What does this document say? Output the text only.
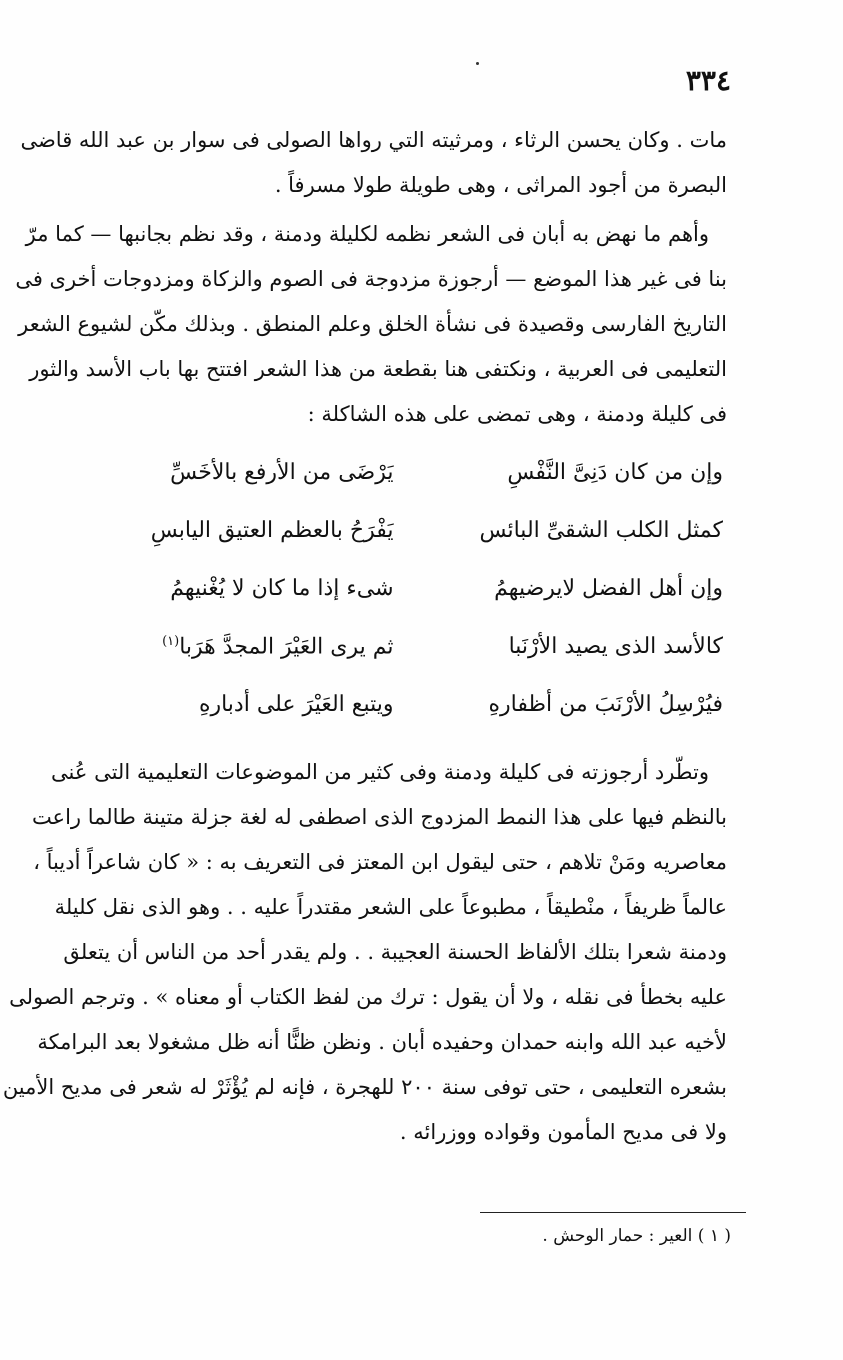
٣٣٤
مات . وكان يحسن الرثاء ، ومرثيته التي رواها الصولى فى سوار بن عبد الله قاضى
البصرة من أجود المراثى ، وهى طويلة طولا مسرفاً .
وأهم ما نهض به أبان فى الشعر نظمه لكليلة ودمنة ، وقد نظم بجانبها — كما مرّ
بنا فى غير هذا الموضع — أرجوزة مزدوجة فى الصوم والزكاة ومزدوجات أخرى فى
التاريخ الفارسى وقصيدة فى نشأة الخلق وعلم المنطق . وبذلك مكّن لشيوع الشعر
التعليمى فى العربية ، ونكتفى هنا بقطعة من هذا الشعر افتتح بها باب الأسد والثور
فى كليلة ودمنة ، وهى تمضى على هذه الشاكلة :
وإن من كان دَنِىَّ النَّفْسِ
يَرْضَى من الأرفع بالأخَسِّ
كمثل الكلب الشقىِّ البائس
يَفْرَحُ بالعظم العتيق اليابسِ
وإن أهل الفضل لايرضيهمُ
شىء إذا ما كان لا يُغْنيهمُ
كالأسد الذى يصيد الأرْنَبا
ثم يرى العَيْرَ المجدَّ هَرَبا$^{(١)}$
فيُرْسِلُ الأرْنَبَ من أظفارهِ
ويتبع العَيْرَ على أدبارهِ
وتطّرد أرجوزته فى كليلة ودمنة وفى كثير من الموضوعات التعليمية التى عُنى
بالنظم فيها على هذا النمط المزدوج الذى اصطفى له لغة جزلة متينة طالما راعت
معاصريه ومَنْ تلاهم ، حتى ليقول ابن المعتز فى التعريف به : « كان شاعراً أديباً ،
عالماً ظريفاً ، منْطيقاً ، مطبوعاً على الشعر مقتدراً عليه . . وهو الذى نقل كليلة
ودمنة شعرا بتلك الألفاظ الحسنة العجيبة . . ولم يقدر أحد من الناس أن يتعلق
عليه بخطأ فى نقله ، ولا أن يقول : ترك من لفظ الكتاب أو معناه » . وترجم الصولى
لأخيه عبد الله وابنه حمدان وحفيده أبان . ونظن ظنًّا أنه ظل مشغولا بعد البرامكة
بشعره التعليمى ، حتى توفى سنة ٢٠٠ للهجرة ، فإنه لم يُؤْثَرْ له شعر فى مديح الأمين
ولا فى مديح المأمون وقواده ووزرائه .
( ١ ) العير : حمار الوحش .
